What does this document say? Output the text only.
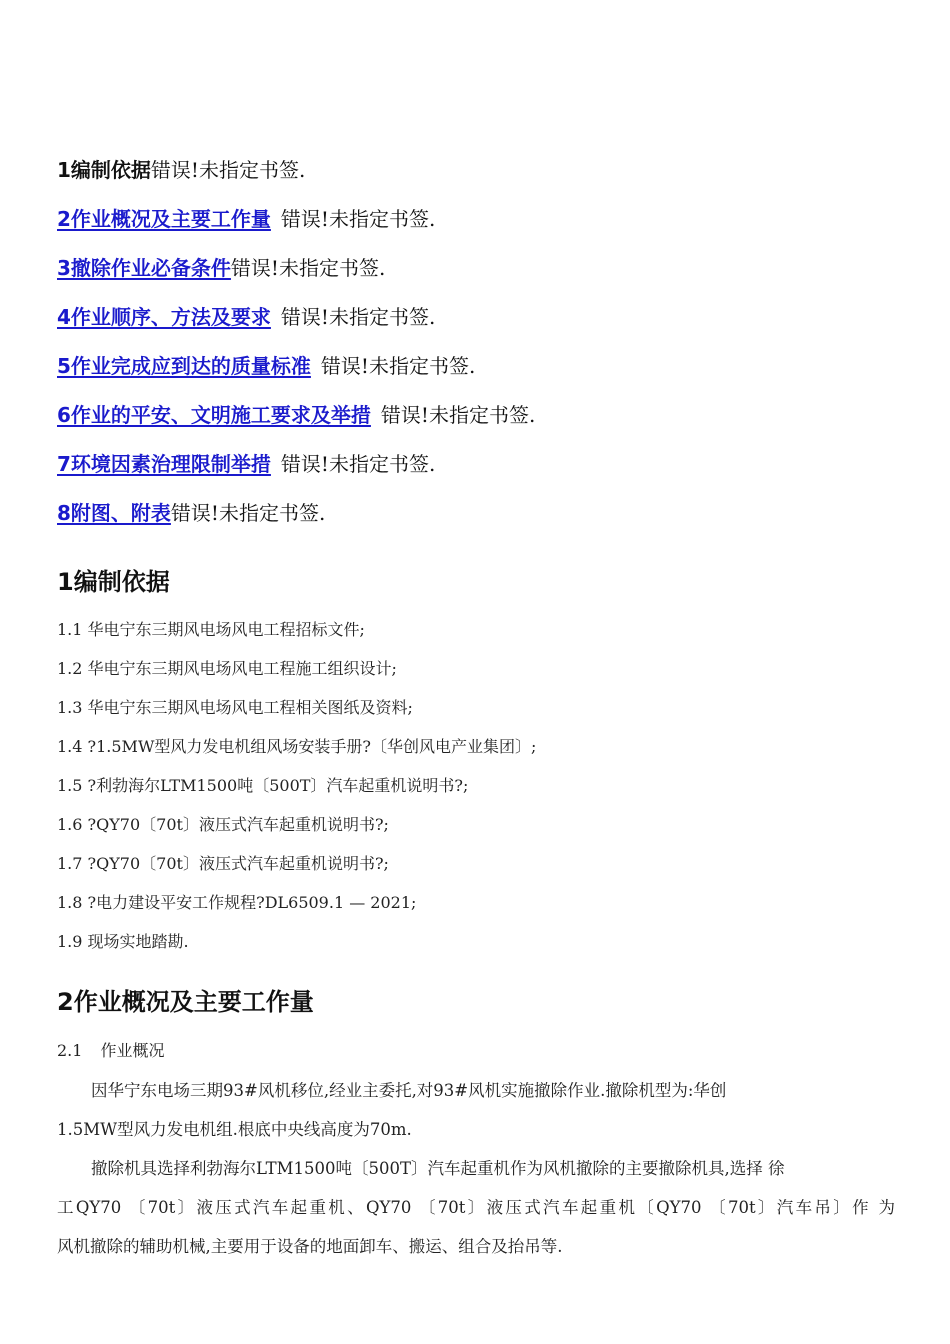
1编制依据错误!未指定书签.
2作业概况及主要工作量 错误!未指定书签.
3撤除作业必备条件错误!未指定书签.
4作业顺序、方法及要求 错误!未指定书签.
5作业完成应到达的质量标准 错误!未指定书签.
6作业的平安、文明施工要求及举措 错误!未指定书签.
7环境因素治理限制举措 错误!未指定书签.
8附图、附表错误!未指定书签.
1编制依据
1.1 华电宁东三期风电场风电工程招标文件;
1.2 华电宁东三期风电场风电工程施工组织设计;
1.3 华电宁东三期风电场风电工程相关图纸及资料;
1.4 ?1.5MW型风力发电机组风场安装手册?〔华创风电产业集团〕;
1.5 ?利勃海尔LTM1500吨〔500T〕汽车起重机说明书?;
1.6 ?QY70〔70t〕液压式汽车起重机说明书?;
1.7 ?QY70〔70t〕液压式汽车起重机说明书?;
1.8 ?电力建设平安工作规程?DL6509.1 — 2021;
1.9 现场实地踏勘.
2作业概况及主要工作量
2.1 作业概况
因华宁东电场三期93#风机移位,经业主委托,对93#风机实施撤除作业.撤除机型为:华创
1.5MW型风力发电机组.根底中央线高度为70m.
撤除机具选择利勃海尔LTM1500吨〔500T〕汽车起重机作为风机撤除的主要撤除机具,选择 徐
工QY70 〔70t〕液压式汽车起重机、QY70 〔70t〕液压式汽车起重机〔QY70 〔70t〕汽车吊〕作 为
风机撤除的辅助机械,主要用于设备的地面卸车、搬运、组合及抬吊等.
